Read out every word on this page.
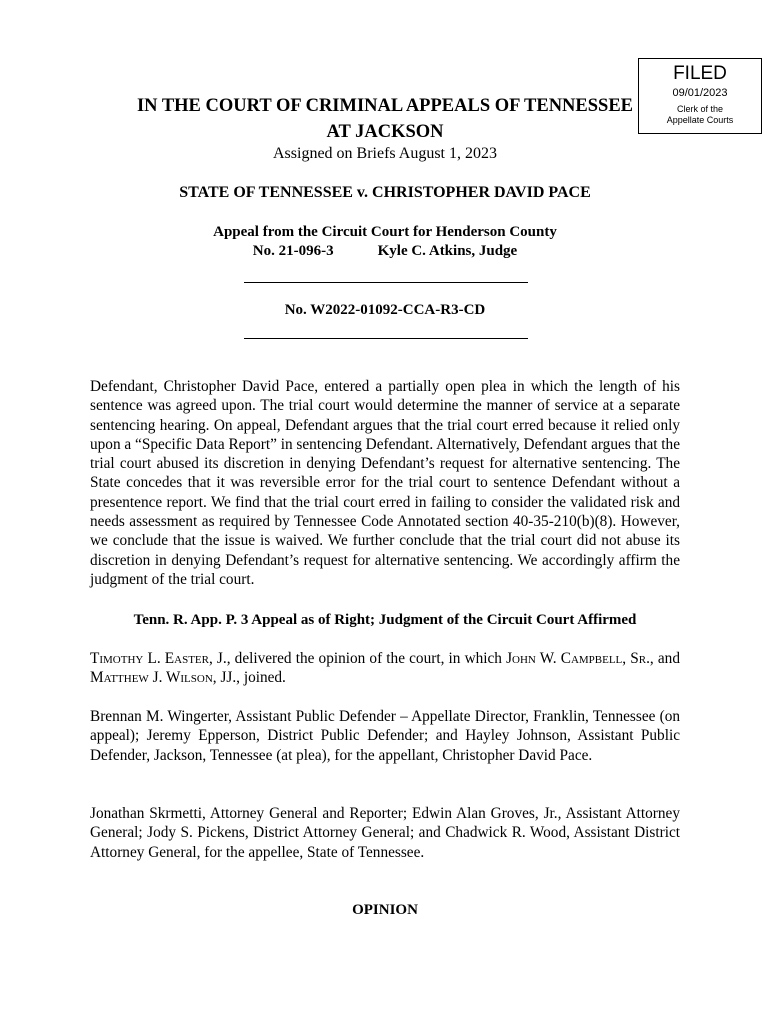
FILED
09/01/2023
Clerk of the
Appellate Courts
IN THE COURT OF CRIMINAL APPEALS OF TENNESSEE
AT JACKSON
Assigned on Briefs August 1, 2023
STATE OF TENNESSEE v. CHRISTOPHER DAVID PACE
Appeal from the Circuit Court for Henderson County
No. 21-096-3	Kyle C. Atkins, Judge
No. W2022-01092-CCA-R3-CD
Defendant, Christopher David Pace, entered a partially open plea in which the length of his sentence was agreed upon. The trial court would determine the manner of service at a separate sentencing hearing. On appeal, Defendant argues that the trial court erred because it relied only upon a “Specific Data Report” in sentencing Defendant. Alternatively, Defendant argues that the trial court abused its discretion in denying Defendant’s request for alternative sentencing. The State concedes that it was reversible error for the trial court to sentence Defendant without a presentence report. We find that the trial court erred in failing to consider the validated risk and needs assessment as required by Tennessee Code Annotated section 40-35-210(b)(8). However, we conclude that the issue is waived. We further conclude that the trial court did not abuse its discretion in denying Defendant’s request for alternative sentencing. We accordingly affirm the judgment of the trial court.
Tenn. R. App. P. 3 Appeal as of Right; Judgment of the Circuit Court Affirmed
Timothy L. Easter, J., delivered the opinion of the court, in which John W. Campbell, Sr., and Matthew J. Wilson, JJ., joined.
Brennan M. Wingerter, Assistant Public Defender – Appellate Director, Franklin, Tennessee (on appeal); Jeremy Epperson, District Public Defender; and Hayley Johnson, Assistant Public Defender, Jackson, Tennessee (at plea), for the appellant, Christopher David Pace.
Jonathan Skrmetti, Attorney General and Reporter; Edwin Alan Groves, Jr., Assistant Attorney General; Jody S. Pickens, District Attorney General; and Chadwick R. Wood, Assistant District Attorney General, for the appellee, State of Tennessee.
OPINION
